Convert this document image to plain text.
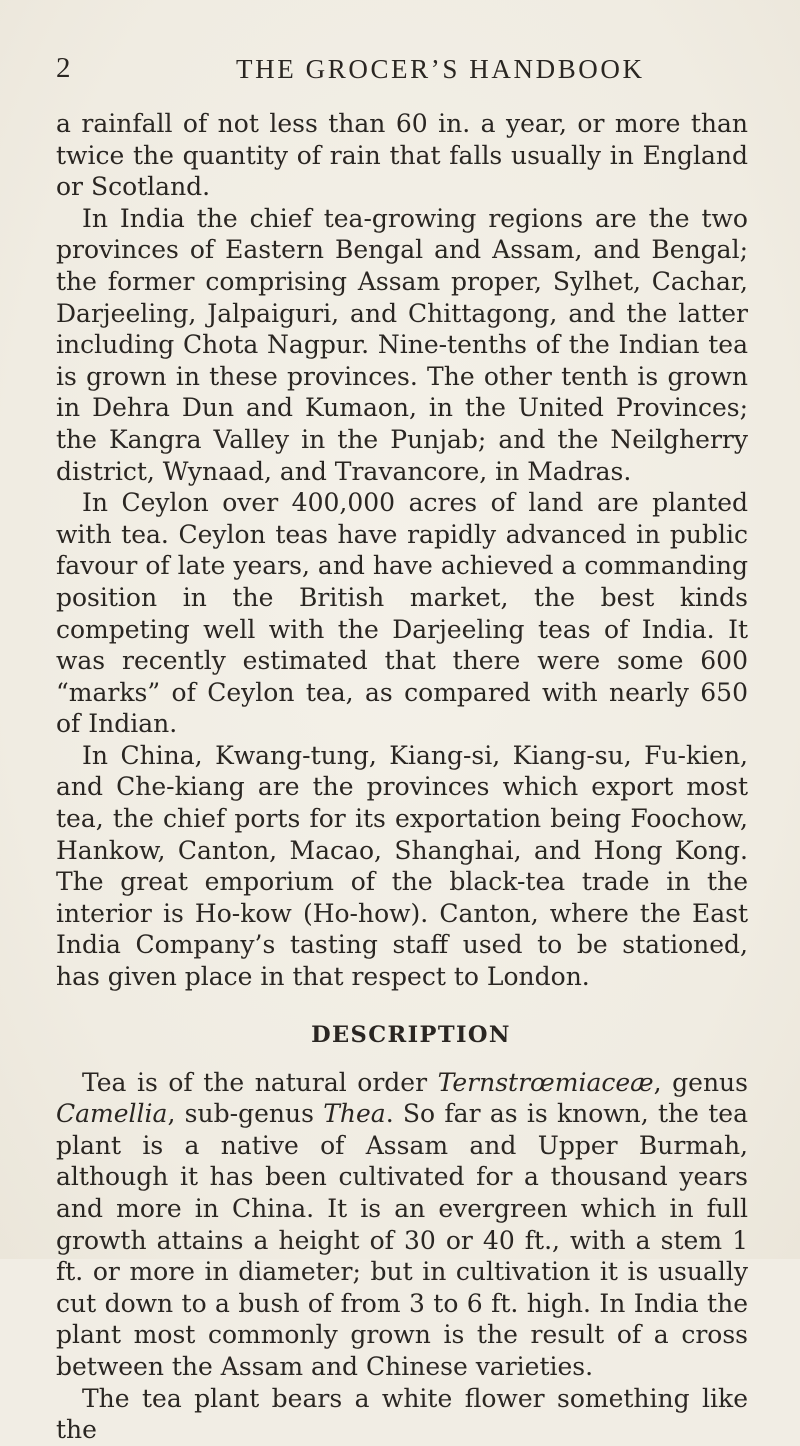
2	THE GROCER’S HANDBOOK

a rainfall of not less than 60 in. a year, or more than twice the quantity of rain that falls usually in England or Scotland.

In India the chief tea-growing regions are the two provinces of Eastern Bengal and Assam, and Bengal; the former comprising Assam proper, Sylhet, Cachar, Darjeeling, Jalpaiguri, and Chittagong, and the latter including Chota Nagpur. Nine-tenths of the Indian tea is grown in these provinces. The other tenth is grown in Dehra Dun and Kumaon, in the United Provinces; the Kangra Valley in the Punjab; and the Neilgherry district, Wynaad, and Travancore, in Madras.

In Ceylon over 400,000 acres of land are planted with tea. Ceylon teas have rapidly advanced in public favour of late years, and have achieved a commanding position in the British market, the best kinds competing well with the Darjeeling teas of India. It was recently estimated that there were some 600 “marks” of Ceylon tea, as compared with nearly 650 of Indian.

In China, Kwang-tung, Kiang-si, Kiang-su, Fu-kien, and Che-kiang are the provinces which export most tea, the chief ports for its exportation being Foochow, Hankow, Canton, Macao, Shanghai, and Hong Kong. The great emporium of the black-tea trade in the interior is Ho-kow (Ho-how). Canton, where the East India Company’s tasting staff used to be stationed, has given place in that respect to London.

DESCRIPTION

Tea is of the natural order Ternstrœmiaceæ, genus Camellia, sub-genus Thea. So far as is known, the tea plant is a native of Assam and Upper Burmah, although it has been cultivated for a thousand years and more in China. It is an evergreen which in full growth attains a height of 30 or 40 ft., with a stem 1 ft. or more in diameter; but in cultivation it is usually cut down to a bush of from 3 to 6 ft. high. In India the plant most commonly grown is the result of a cross between the Assam and Chinese varieties.

The tea plant bears a white flower something like the
